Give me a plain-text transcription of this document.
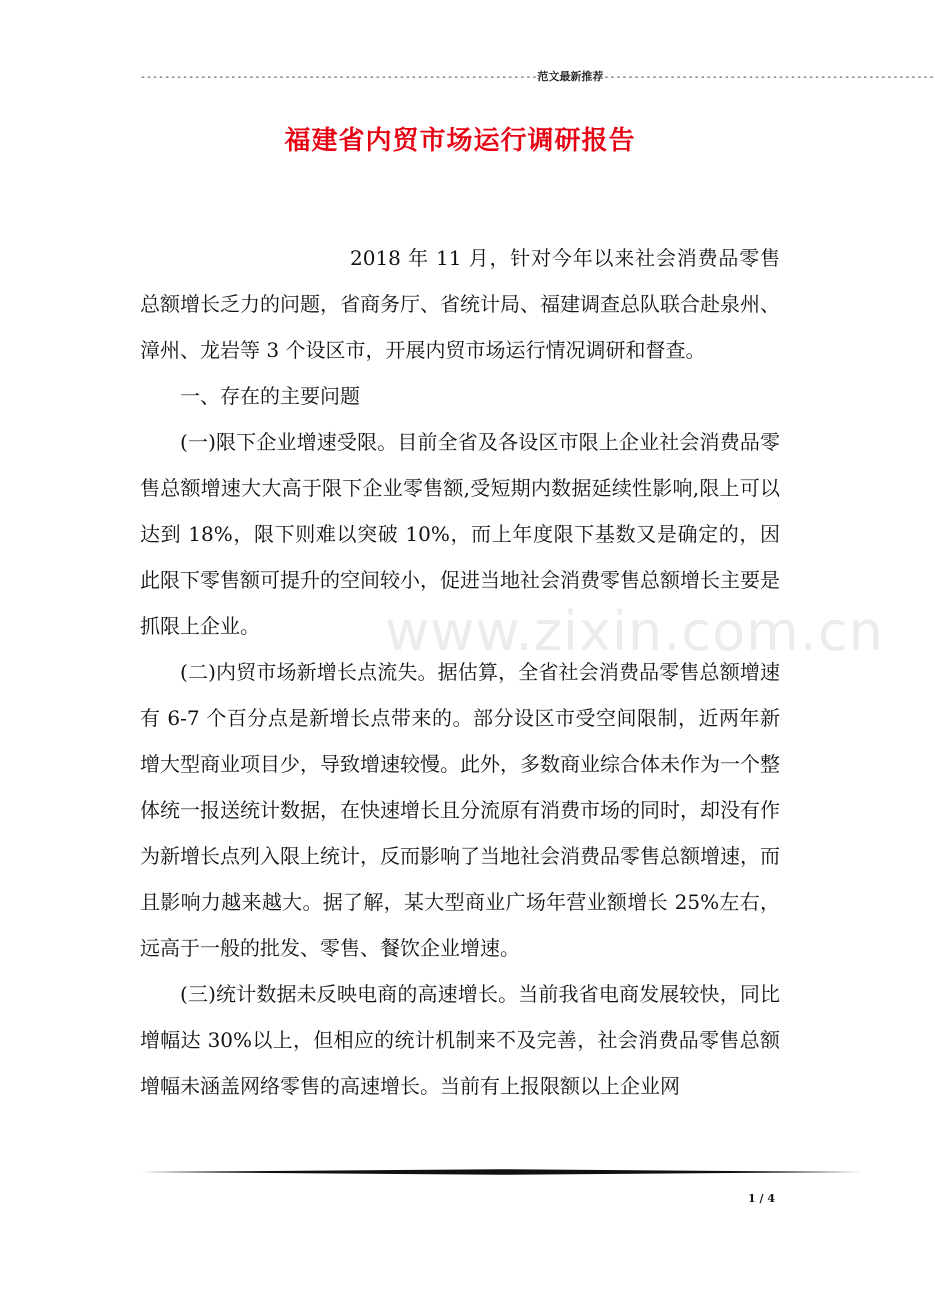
------------------------------------------------------------------范文最新推荐-------------------------------------------------------
福建省内贸市场运行调研报告

2018 年 11 月，针对今年以来社会消费品零售总额增长乏力的问题，省商务厅、省统计局、福建调查总队联合赴泉州、漳州、龙岩等 3 个设区市，开展内贸市场运行情况调研和督查。

一、存在的主要问题

(一)限下企业增速受限。目前全省及各设区市限上企业社会消费品零售总额增速大大高于限下企业零售额,受短期内数据延续性影响,限上可以达到 18%，限下则难以突破 10%，而上年度限下基数又是确定的，因此限下零售额可提升的空间较小，促进当地社会消费零售总额增长主要是抓限上企业。

(二)内贸市场新增长点流失。据估算，全省社会消费品零售总额增速有 6-7 个百分点是新增长点带来的。部分设区市受空间限制，近两年新增大型商业项目少，导致增速较慢。此外，多数商业综合体未作为一个整体统一报送统计数据，在快速增长且分流原有消费市场的同时，却没有作为新增长点列入限上统计，反而影响了当地社会消费品零售总额增速，而且影响力越来越大。据了解，某大型商业广场年营业额增长 25%左右，远高于一般的批发、零售、餐饮企业增速。

(三)统计数据未反映电商的高速增长。当前我省电商发展较快，同比增幅达 30%以上，但相应的统计机制来不及完善，社会消费品零售总额增幅未涵盖网络零售的高速增长。当前有上报限额以上企业网

www.zixin.com.cn
1 / 4
